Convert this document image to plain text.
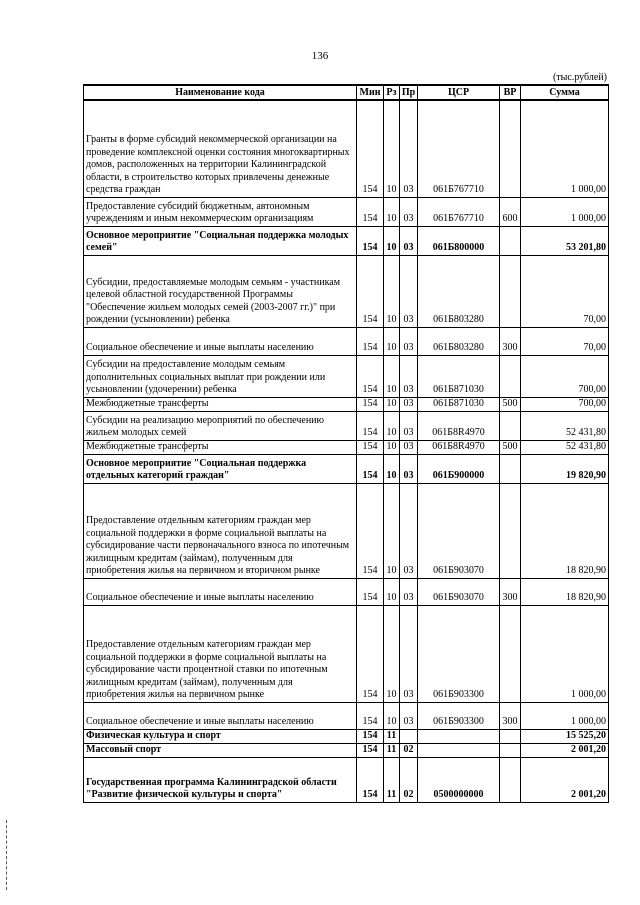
136
(тыс.рублей)
Наименование кода	Мин	Рз	Пр	ЦСР	ВР	Сумма
Гранты в форме субсидий некоммерческой организации на проведение комплексной оценки состояния многоквартирных домов, расположенных на территории Калининградской области, в строительство которых привлечены денежные средства граждан	154	10	03	061Б767710		1 000,00
Предоставление субсидий бюджетным, автономным учреждениям и иным некоммерческим организациям	154	10	03	061Б767710	600	1 000,00
Основное мероприятие "Социальная поддержка молодых семей"	154	10	03	061Б800000		53 201,80
Субсидии, предоставляемые молодым семьям - участникам целевой областной государственной Программы "Обеспечение жильем молодых семей (2003-2007 гг.)" при рождении (усыновлении) ребенка	154	10	03	061Б803280		70,00
Социальное обеспечение и иные выплаты населению	154	10	03	061Б803280	300	70,00
Субсидии на предоставление молодым семьям дополнительных социальных выплат при рождении или усыновлении (удочерении) ребенка	154	10	03	061Б871030		700,00
Межбюджетные трансферты	154	10	03	061Б871030	500	700,00
Субсидии на реализацию мероприятий по обеспечению жильем молодых семей	154	10	03	061Б8R4970		52 431,80
Межбюджетные трансферты	154	10	03	061Б8R4970	500	52 431,80
Основное мероприятие "Социальная поддержка отдельных категорий граждан"	154	10	03	061Б900000		19 820,90
Предоставление отдельным категориям граждан мер социальной поддержки в форме социальной выплаты на субсидирование части первоначального взноса по ипотечным жилищным кредитам (займам), полученным для приобретения жилья на первичном и вторичном рынке	154	10	03	061Б903070		18 820,90
Социальное обеспечение и иные выплаты населению	154	10	03	061Б903070	300	18 820,90
Предоставление отдельным категориям граждан мер социальной поддержки в форме социальной выплаты на субсидирование части процентной ставки по ипотечным жилищным кредитам (займам), полученным для приобретения жилья на первичном рынке	154	10	03	061Б903300		1 000,00
Социальное обеспечение и иные выплаты населению	154	10	03	061Б903300	300	1 000,00
Физическая культура и спорт	154	11				15 525,20
Массовый спорт	154	11	02			2 001,20
Государственная программа Калининградской области "Развитие физической культуры и спорта"	154	11	02	0500000000		2 001,20
